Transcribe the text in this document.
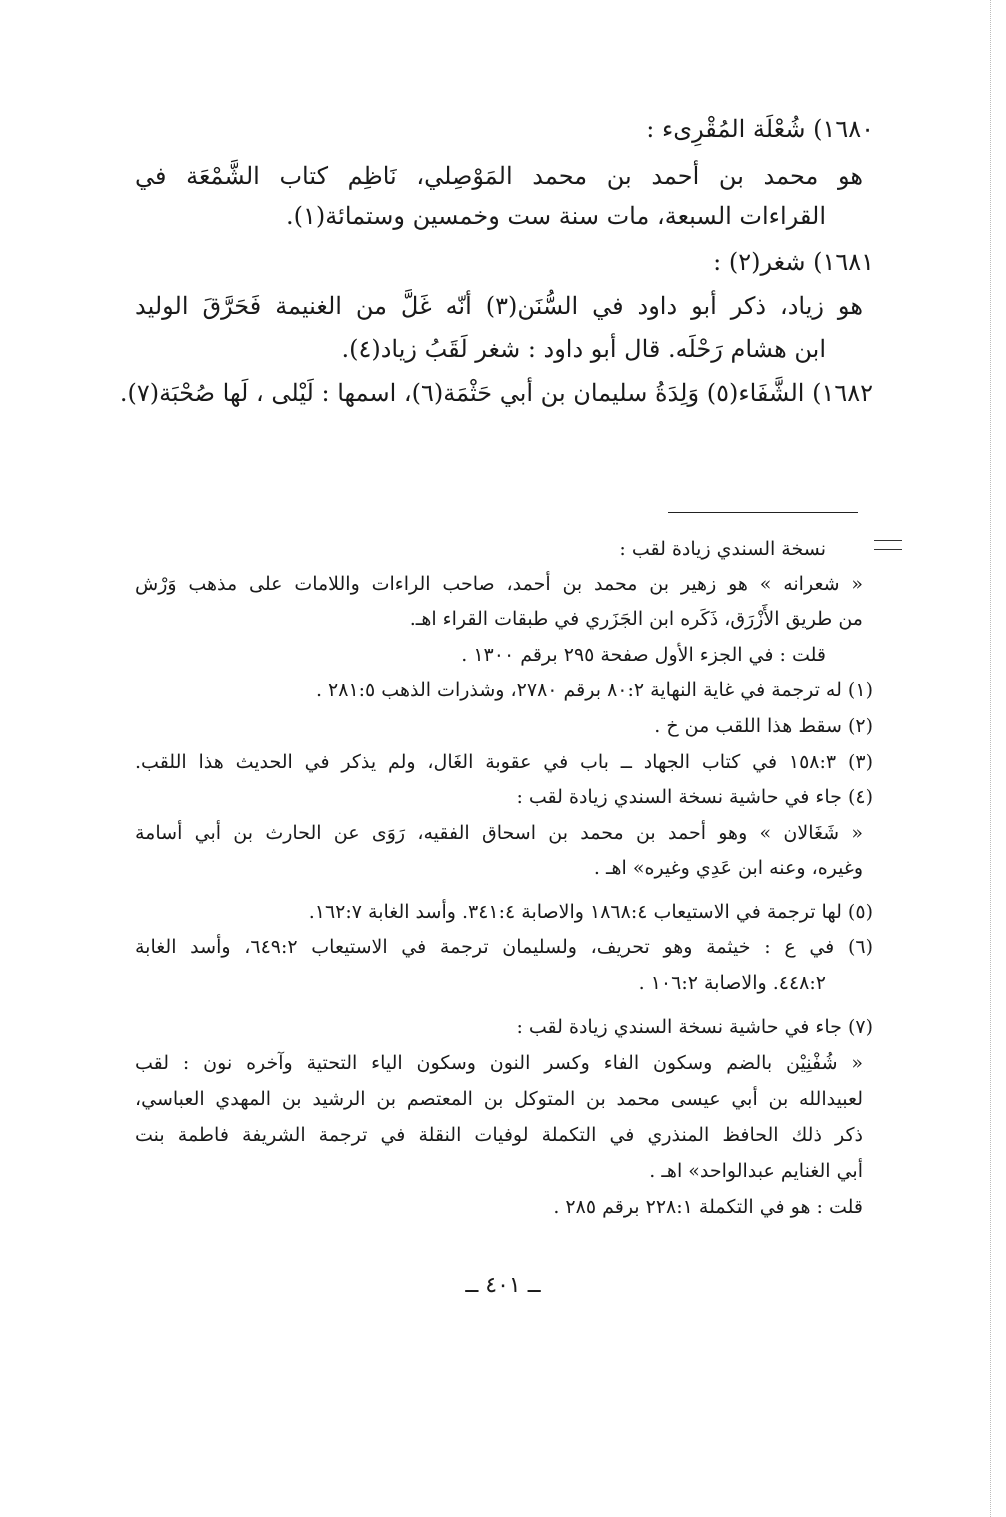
١٦٨٠) شُعْلَة المُقْرِىء :
هو محمد بن أحمد بن محمد المَوْصِلي، نَاظِم كتاب الشَّمْعَة في
القراءات السبعة، مات سنة ست وخمسين وستمائة(١).
١٦٨١) شغر(٢) :
هو زياد، ذكر أبو داود في السُّنَن(٣) أنّه غَلَّ من الغنيمة فَحَرَّقَ الوليد
ابن هشام رَحْلَه. قال أبو داود : شغر لَقَبُ زياد(٤).
١٦٨٢) الشَّفَاء(٥) وَلِدَةُ سليمان بن أبي حَثْمَة(٦)، اسمها : لَيْلى ، لَها صُحْبَة(٧).
نسخة السندي زيادة لقب :
« شعرانه » هو زهير بن محمد بن أحمد، صاحب الراءات واللامات على مذهب وَرْش
من طريق الأَزْرَق، ذَكَره ابن الجَزَري في طبقات القراء اهـ.
قلت : في الجزء الأول صفحة ٢٩٥ برقم ١٣٠٠ .
(١) له ترجمة في غاية النهاية ٨٠:٢ برقم ٢٧٨٠، وشذرات الذهب ٢٨١:٥ .
(٢) سقط هذا اللقب من خ .
(٣) ١٥٨:٣ في كتاب الجهاد ــ باب في عقوبة الغَال، ولم يذكر في الحديث هذا اللقب.
(٤) جاء في حاشية نسخة السندي زيادة لقب :
« شَغَالان » وهو أحمد بن محمد بن اسحاق الفقيه، رَوَى عن الحارث بن أبي أسامة
وغيره، وعنه ابن عَدِي وغيره» اهـ .
(٥) لها ترجمة في الاستيعاب ١٨٦٨:٤ والاصابة ٣٤١:٤. وأسد الغابة ١٦٢:٧.
(٦) في ع : خيثمة وهو تحريف، ولسليمان ترجمة في الاستيعاب ٦٤٩:٢، وأسد الغابة
٤٤٨:٢. والاصابة ١٠٦:٢ .
(٧) جاء في حاشية نسخة السندي زيادة لقب :
« شُفْنِيْن بالضم وسكون الفاء وكسر النون وسكون الياء التحتية وآخره نون : لقب
لعبيدالله بن أبي عيسى محمد بن المتوكل بن المعتصم بن الرشيد بن المهدي العباسي،
ذكر ذلك الحافظ المنذري في التكملة لوفيات النقلة في ترجمة الشريفة فاطمة بنت
أبي الغنايم عبدالواحد» اهـ .
قلت : هو في التكملة ٢٢٨:١ برقم ٢٨٥ .
ــ ٤٠١ ــ
